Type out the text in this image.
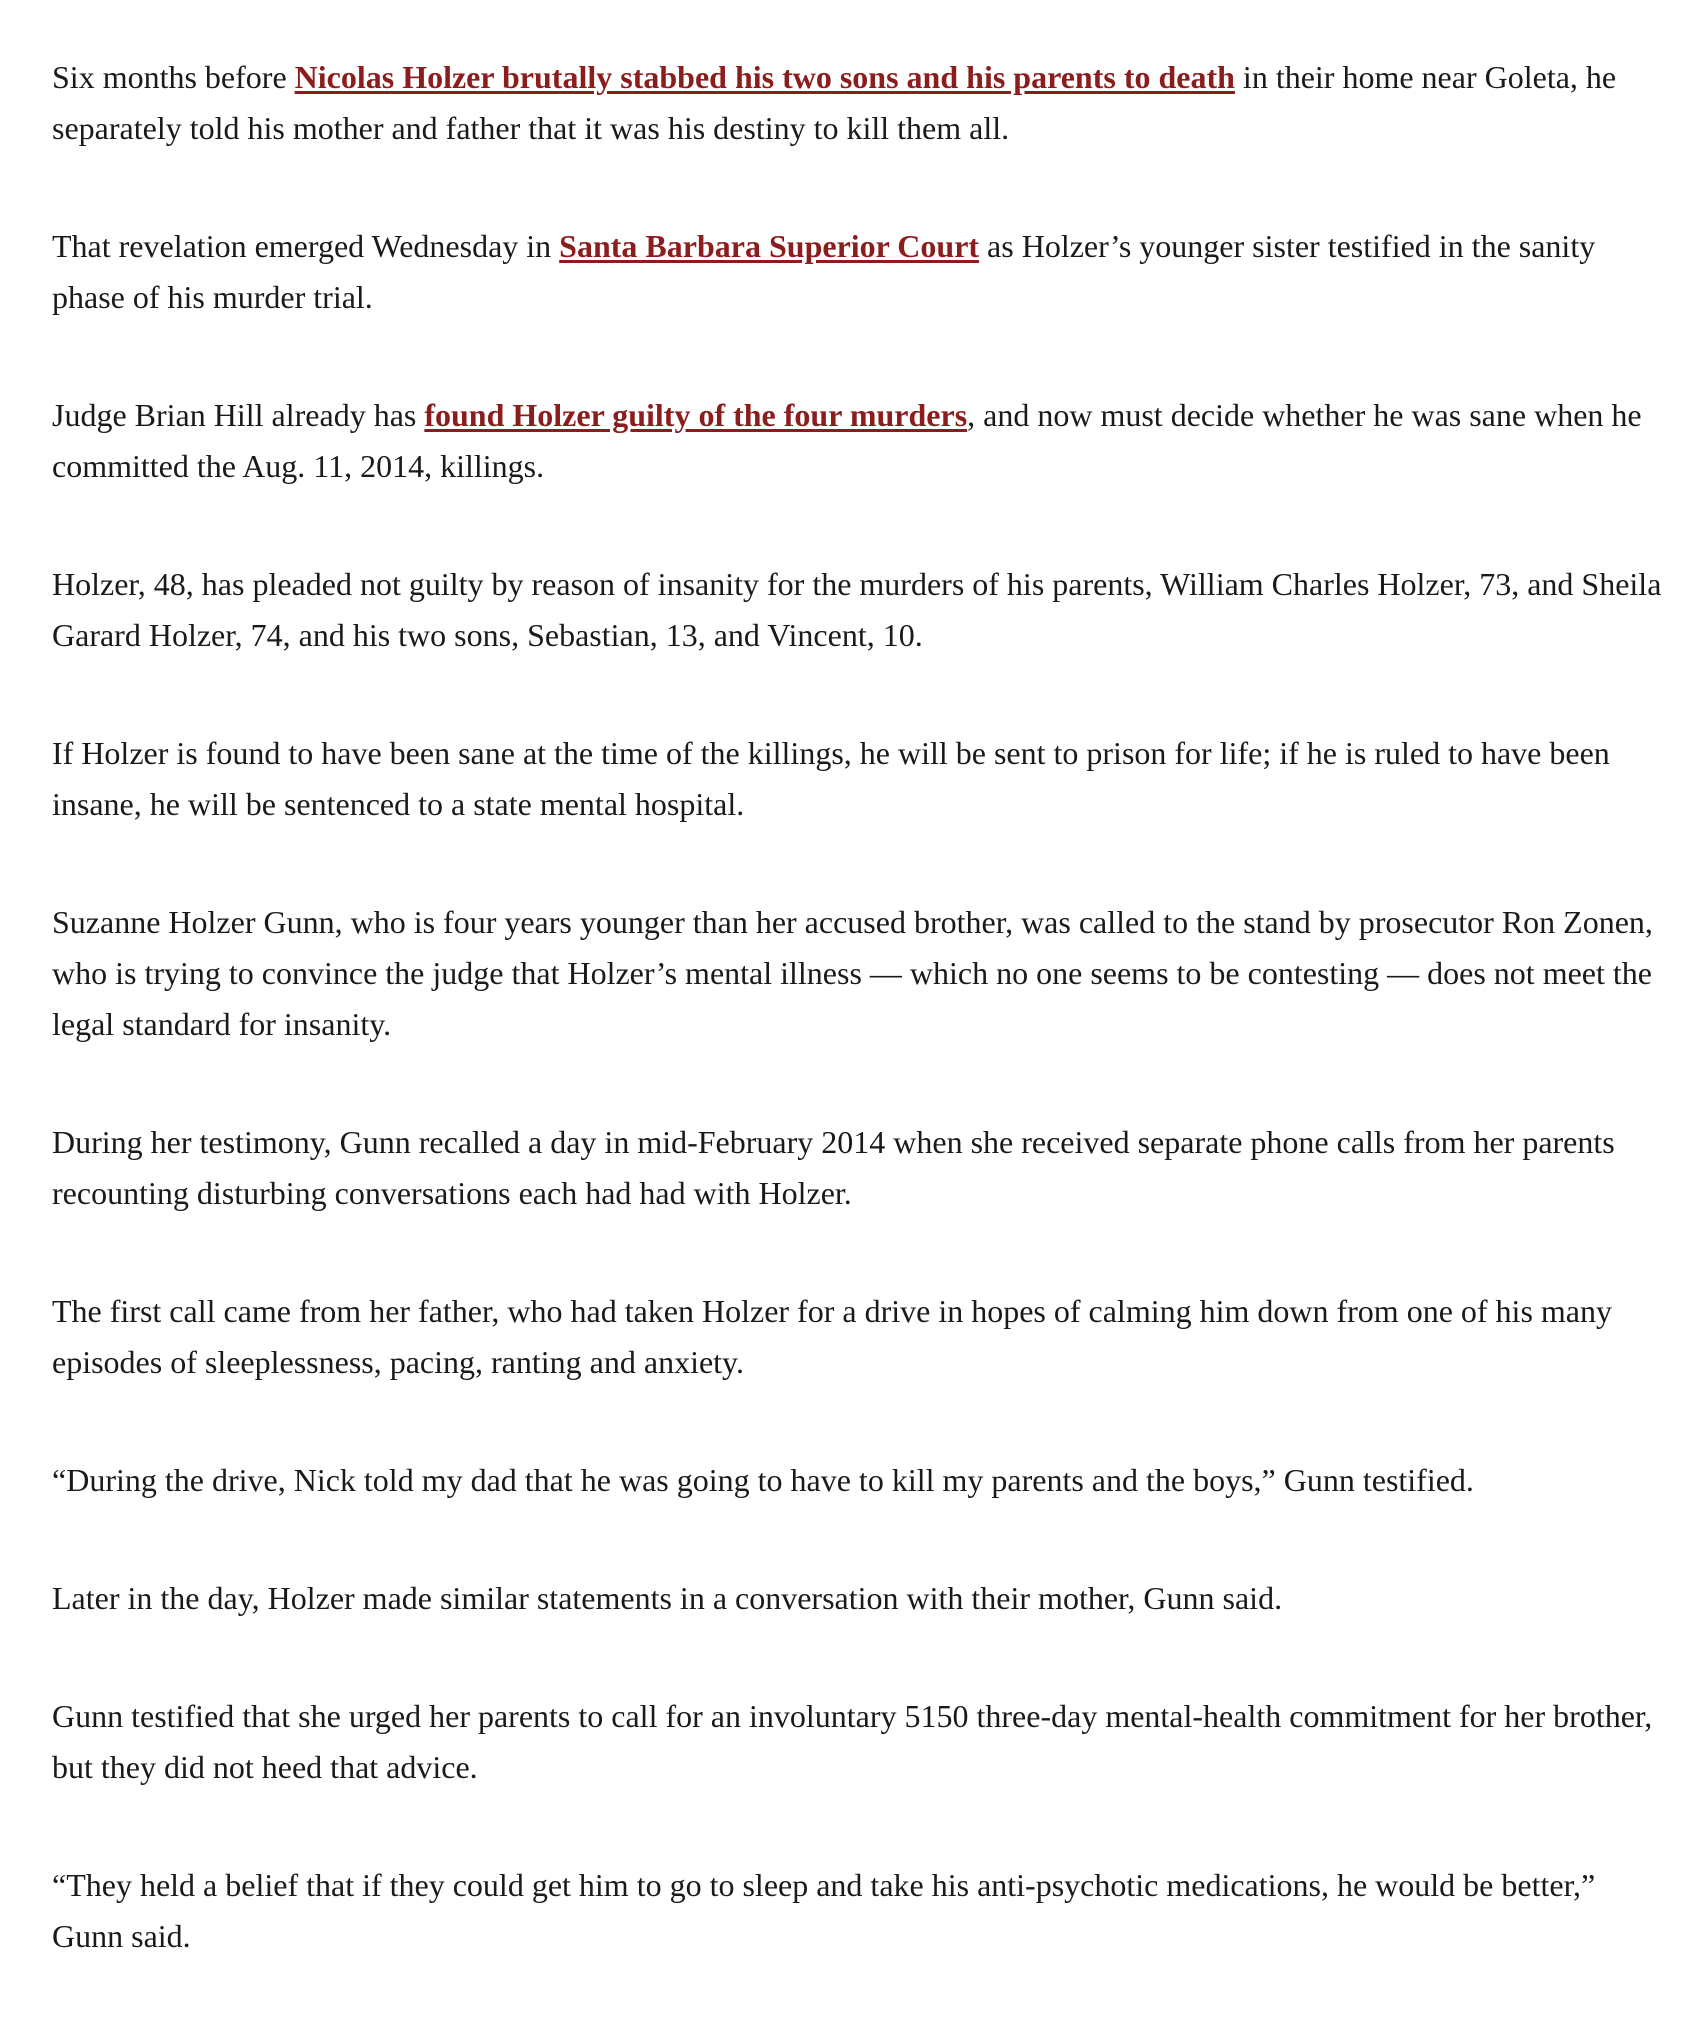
Six months before Nicolas Holzer brutally stabbed his two sons and his parents to death in their home near Goleta, he separately told his mother and father that it was his destiny to kill them all.

That revelation emerged Wednesday in Santa Barbara Superior Court as Holzer’s younger sister testified in the sanity phase of his murder trial.

Judge Brian Hill already has found Holzer guilty of the four murders, and now must decide whether he was sane when he committed the Aug. 11, 2014, killings.

Holzer, 48, has pleaded not guilty by reason of insanity for the murders of his parents, William Charles Holzer, 73, and Sheila Garard Holzer, 74, and his two sons, Sebastian, 13, and Vincent, 10.

If Holzer is found to have been sane at the time of the killings, he will be sent to prison for life; if he is ruled to have been insane, he will be sentenced to a state mental hospital.

Suzanne Holzer Gunn, who is four years younger than her accused brother, was called to the stand by prosecutor Ron Zonen, who is trying to convince the judge that Holzer’s mental illness — which no one seems to be contesting — does not meet the legal standard for insanity.

During her testimony, Gunn recalled a day in mid-February 2014 when she received separate phone calls from her parents recounting disturbing conversations each had had with Holzer.

The first call came from her father, who had taken Holzer for a drive in hopes of calming him down from one of his many episodes of sleeplessness, pacing, ranting and anxiety.

“During the drive, Nick told my dad that he was going to have to kill my parents and the boys,” Gunn testified.

Later in the day, Holzer made similar statements in a conversation with their mother, Gunn said.

Gunn testified that she urged her parents to call for an involuntary 5150 three-day mental-health commitment for her brother, but they did not heed that advice.

“They held a belief that if they could get him to go to sleep and take his anti-psychotic medications, he would be better,” Gunn said.
